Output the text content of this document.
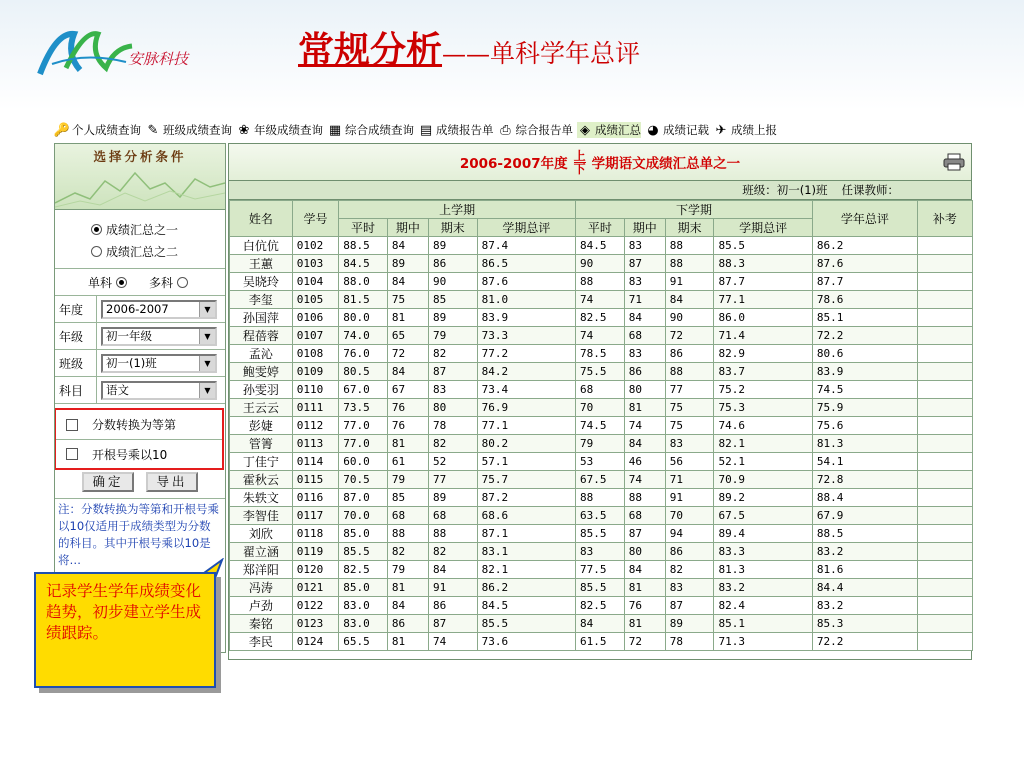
安脉科技	常规分析——单科学年总评
🔑 个人成绩查询 ✎ 班级成绩查询 ❀ 年级成绩查询 ▦ 综合成绩查询 ▤ 成绩报告单 ⎙ 综合报告单 ◈ 成绩汇总 ◕ 成绩记载 ✈ 成绩上报
选择分析条件
成绩汇总之一
成绩汇总之二
单科	多科
年度	2006-2007	▼
年级	初一年级	▼
班级	初一(1)班	▼
科目	语文	▼
分数转换为等第
开根号乘以10
确定	导出
注：分数转换为等第和开根号乘以10仅适用于成绩类型为分数的科目。其中开根号乘以10是将…
2006-2007年度 $\frac{\text{上}}{\text{下}}$ 学期语文成绩汇总单之一
班级：初一(1)班 任课教师：
姓名	学号	上学期				下学期				学年总评	补考
		平时	期中	期末	学期总评	平时	期中	期末	学期总评		
白伉伉	0102	88.5	84	89	87.4	84.5	83	88	85.5	86.2	
王蕙	0103	84.5	89	86	86.5	90	87	88	88.3	87.6	
吴晓玲	0104	88.0	84	90	87.6	88	83	91	87.7	87.7	
李玺	0105	81.5	75	85	81.0	74	71	84	77.1	78.6	
孙国萍	0106	80.0	81	89	83.9	82.5	84	90	86.0	85.1	
程蓓蓉	0107	74.0	65	79	73.3	74	68	72	71.4	72.2	
孟沁	0108	76.0	72	82	77.2	78.5	83	86	82.9	80.6	
鲍雯婷	0109	80.5	84	87	84.2	75.5	86	88	83.7	83.9	
孙雯羽	0110	67.0	67	83	73.4	68	80	77	75.2	74.5	
王云云	0111	73.5	76	80	76.9	70	81	75	75.3	75.9	
彭婕	0112	77.0	76	78	77.1	74.5	74	75	74.6	75.6	
管箐	0113	77.0	81	82	80.2	79	84	83	82.1	81.3	
丁佳宁	0114	60.0	61	52	57.1	53	46	56	52.1	54.1	
霍秋云	0115	70.5	79	77	75.7	67.5	74	71	70.9	72.8	
朱轶文	0116	87.0	85	89	87.2	88	88	91	89.2	88.4	
李智佳	0117	70.0	68	68	68.6	63.5	68	70	67.5	67.9	
刘欣	0118	85.0	88	88	87.1	85.5	87	94	89.4	88.5	
翟立涵	0119	85.5	82	82	83.1	83	80	86	83.3	83.2	
郑洋阳	0120	82.5	79	84	82.1	77.5	84	82	81.3	81.6	
冯涛	0121	85.0	81	91	86.2	85.5	81	83	83.2	84.4	
卢劲	0122	83.0	84	86	84.5	82.5	76	87	82.4	83.2	
秦铭	0123	83.0	86	87	85.5	84	81	89	85.1	85.3	
李民	0124	65.5	81	74	73.6	61.5	72	78	71.3	72.2	
记录学生学年成绩变化趋势，初步建立学生成绩跟踪。
